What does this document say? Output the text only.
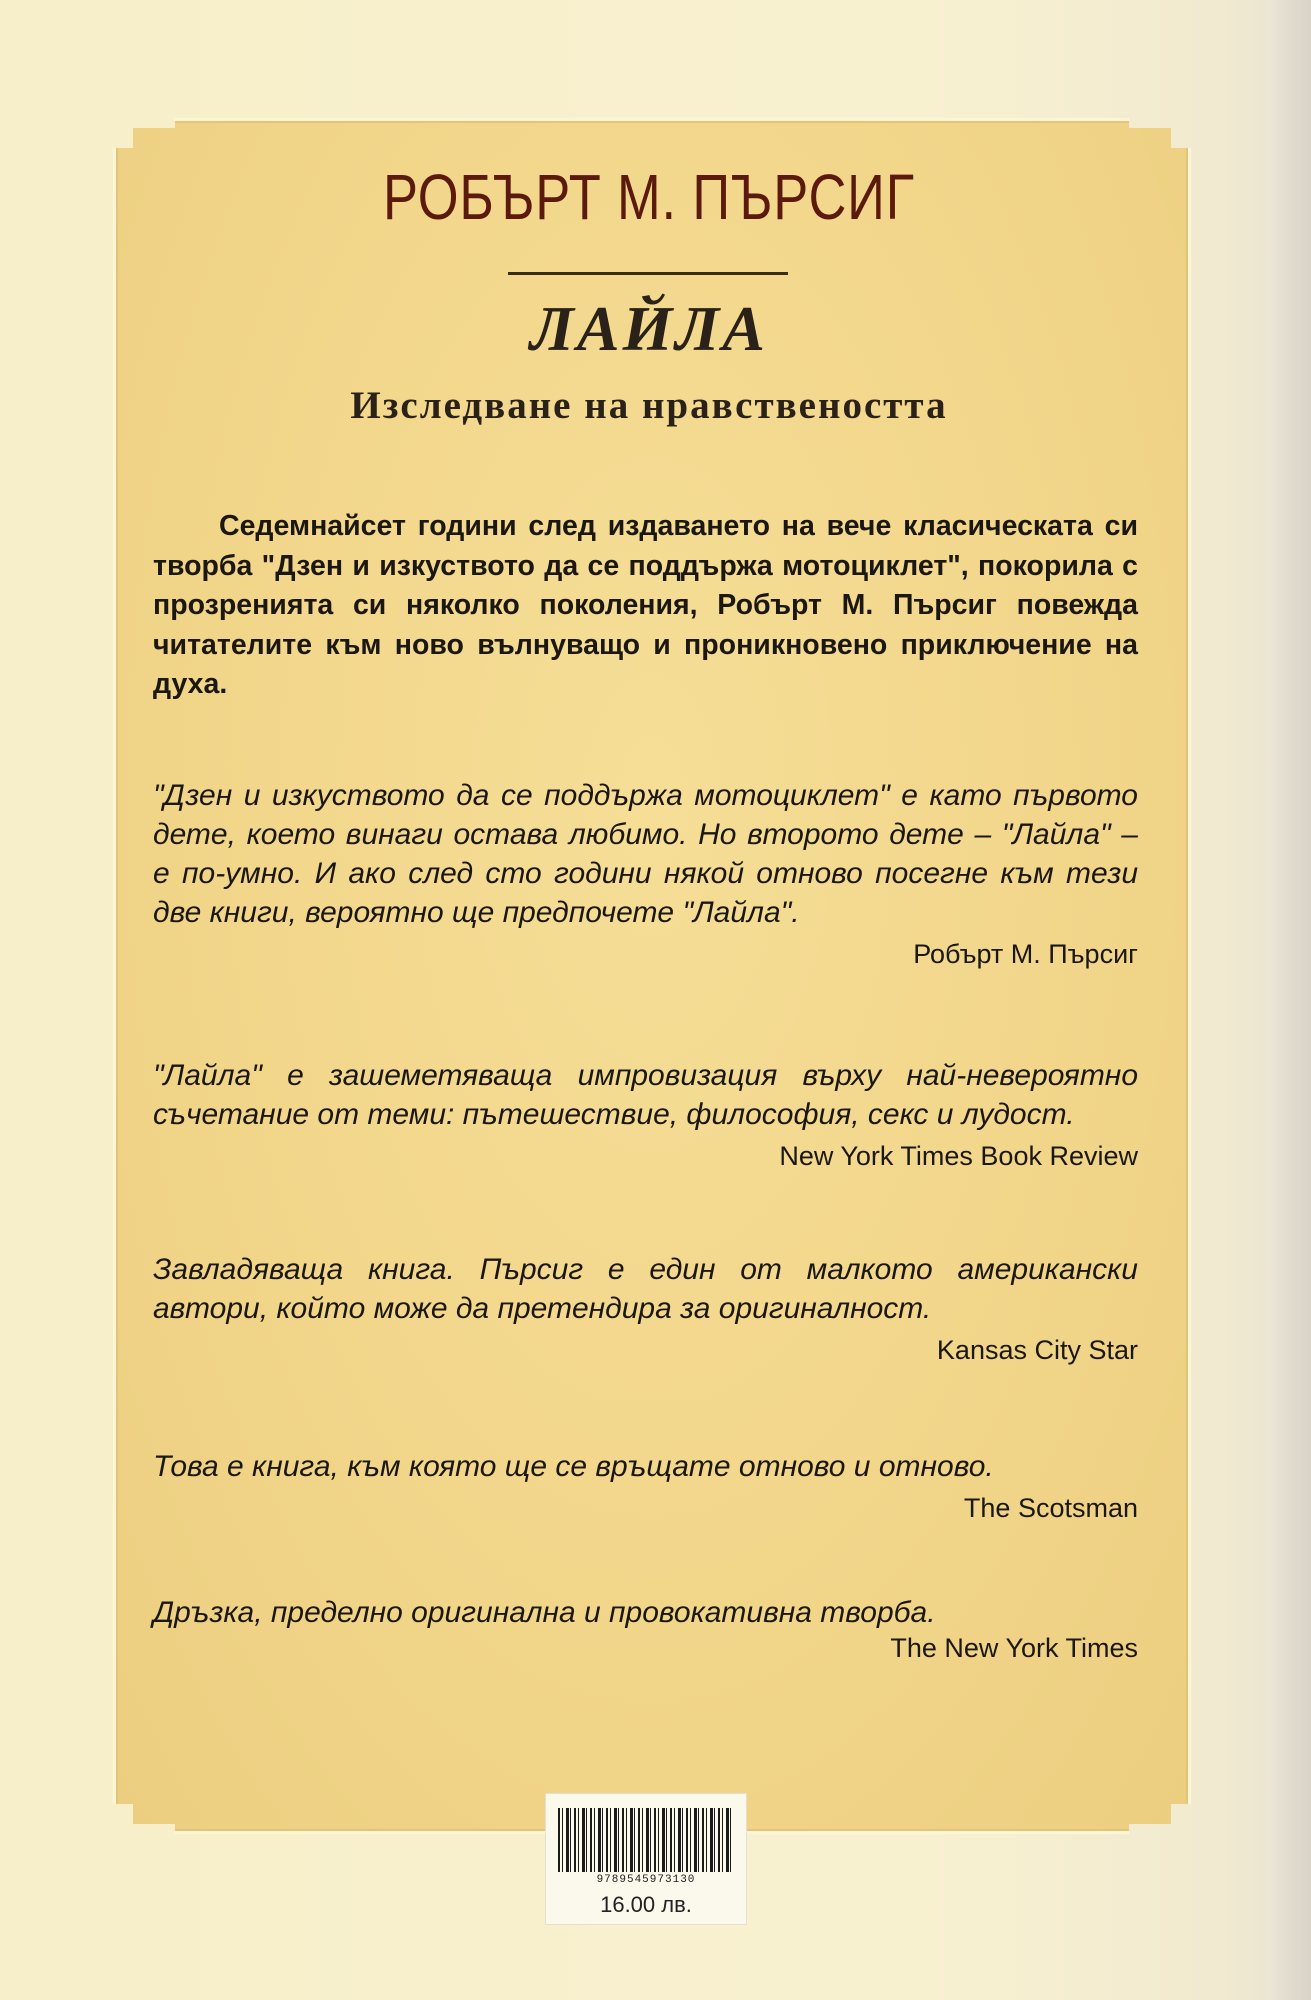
РОБЪРТ М. ПЪРСИГ
ЛАЙЛА
Изследване на нравствеността

Седемнайсет години след издаването на вече класическата си творба "Дзен и изкуството да се поддържа мотоциклет", покорила с прозренията си няколко поколения, Робърт М. Пърсиг повежда читателите към ново вълнуващо и проникновено приключение на духа.

"Дзен и изкуството да се поддържа мотоциклет" е като първото дете, което винаги остава любимо. Но второто дете – "Лайла" – е по-умно. И ако след сто години някой отново посегне към тези две книги, вероятно ще предпочете "Лайла".

Робърт М. Пърсиг

"Лайла" е зашеметяваща импровизация върху най-невероятно съчетание от теми: пътешествие, философия, секс и лудост.

New York Times Book Review

Завладяваща книга. Пърсиг е един от малкото американски автори, който може да претендира за оригиналност.

Kansas City Star

Това е книга, към която ще се връщате отново и отново.

The Scotsman

Дръзка, пределно оригинална и провокативна творба.

The New York Times

9789545973130
16.00 лв.
